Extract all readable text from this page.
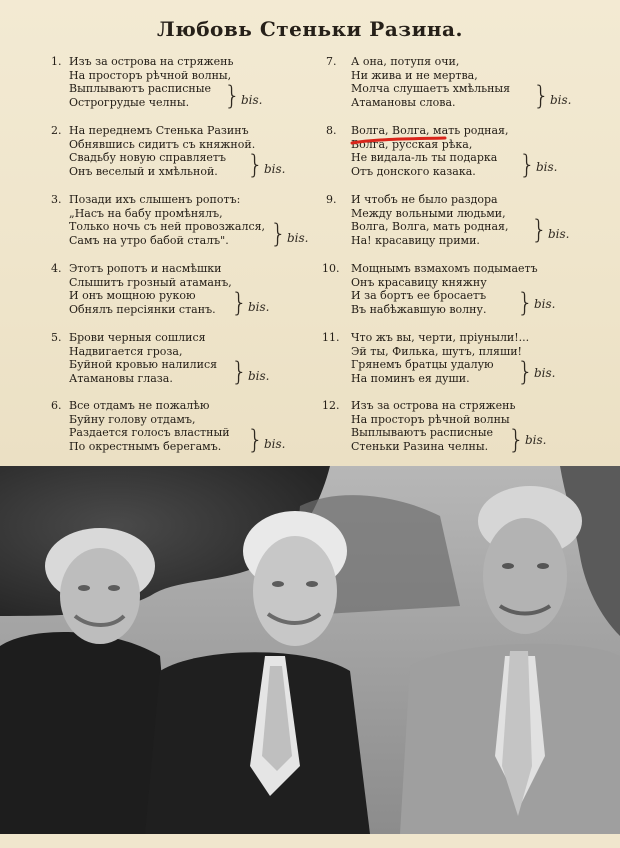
Любовь Стеньки Разина.
1. Изъ за острова на стряжень
На просторъ рѣчной волны,
Выплываютъ расписные
Острогрудые челны.	} bis.
2. На переднемъ Стенька Разинъ
Обнявшись сидитъ съ княжной.
Свадьбу новую справляетъ
Онъ веселый и хмѣльной.	} bis.
3. Позади ихъ слышенъ ропотъ:
„Насъ на бабу промѣнялъ,
Только ночь съ ней провозжался,
Самъ на утро бабой сталъ".	} bis.
4. Этотъ ропотъ и насмѣшки
Слышитъ грозный атаманъ,
И онъ мощною рукою
Обнялъ персіянки станъ. } bis.
5. Брови черныя сошлися
Надвигается гроза,
Буйной кровью налилися
Атамановы глаза.	} bis.
6. Все отдамъ не пожалѣю
Буйну голову отдамъ,
Раздается голосъ властный
По окрестнымъ берегамъ. } bis.
7. А она, потупя очи,
Ни жива и не мертва,
Молча слушаетъ хмѣльныя
Атамановы слова.	} bis.
8. Волга, Волга, мать родная,
Волга, русская рѣка,
Не видала-ль ты подарка
Отъ донского казака.	} bis.
9. И чтобъ не было раздора
Между вольными людьми,
Волга, Волга, мать родная,
На! красавицу прими.	} bis.
10. Мощнымъ взмахомъ подымаетъ
Онъ красавицу княжну
И за бортъ ее бросаетъ
Въ набѣжавшую волну.	} bis.
11. Что жъ вы, черти, пріуныли!...
Эй ты, Филька, шутъ, пляши!
Грянемъ братцы удалую
На поминъ ея души.	} bis.
12. Изъ за острова на стряжень
На просторъ рѣчной волны
Выплываютъ расписные
Стеньки Разина челны. } bis.
